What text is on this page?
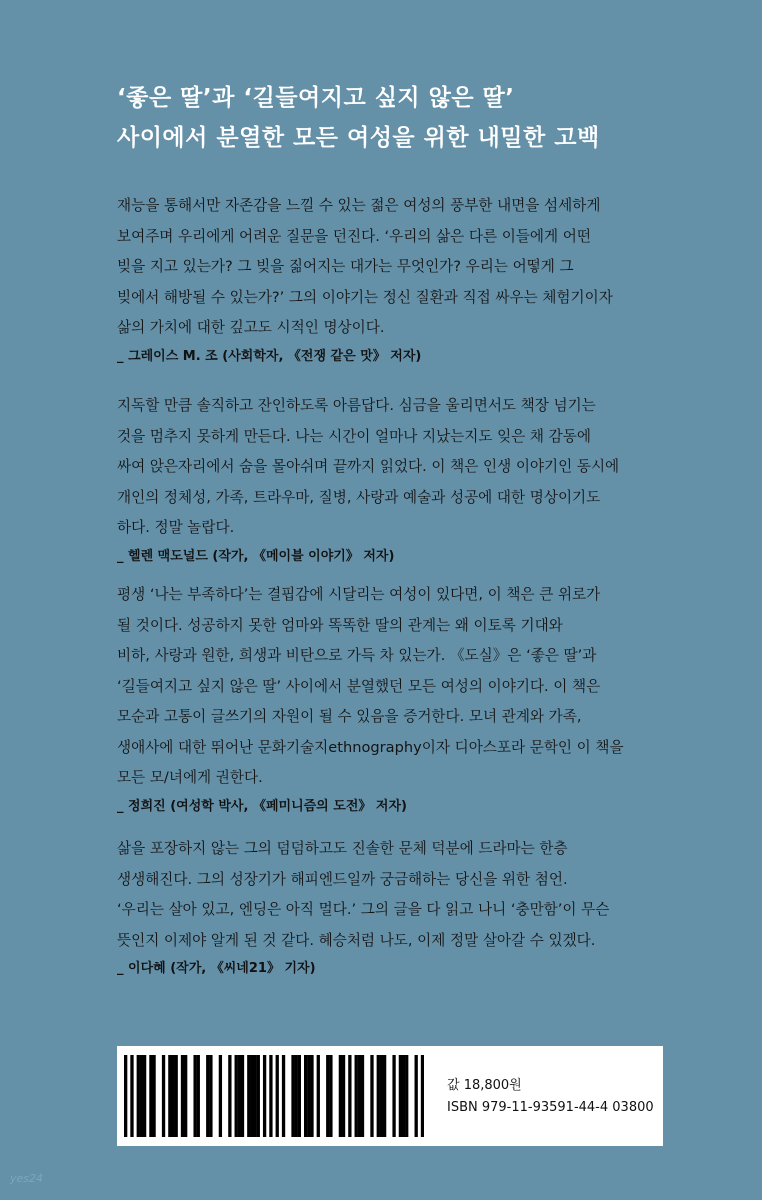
‘좋은 딸’과 ‘길들여지고 싶지 않은 딸’
사이에서 분열한 모든 여성을 위한 내밀한 고백
재능을 통해서만 자존감을 느낄 수 있는 젊은 여성의 풍부한 내면을 섬세하게
보여주며 우리에게 어려운 질문을 던진다. ‘우리의 삶은 다른 이들에게 어떤
빚을 지고 있는가? 그 빚을 짊어지는 대가는 무엇인가? 우리는 어떻게 그
빚에서 해방될 수 있는가?’ 그의 이야기는 정신 질환과 직접 싸우는 체험기이자
삶의 가치에 대한 깊고도 시적인 명상이다.
_ 그레이스 M. 조 (사회학자, 《전쟁 같은 맛》 저자)
지독할 만큼 솔직하고 잔인하도록 아름답다. 심금을 울리면서도 책장 넘기는
것을 멈추지 못하게 만든다. 나는 시간이 얼마나 지났는지도 잊은 채 감동에
싸여 앉은자리에서 숨을 몰아쉬며 끝까지 읽었다. 이 책은 인생 이야기인 동시에
개인의 정체성, 가족, 트라우마, 질병, 사랑과 예술과 성공에 대한 명상이기도
하다. 정말 놀랍다.
_ 헬렌 맥도널드 (작가, 《메이블 이야기》 저자)
평생 ‘나는 부족하다’는 결핍감에 시달리는 여성이 있다면, 이 책은 큰 위로가
될 것이다. 성공하지 못한 엄마와 똑똑한 딸의 관계는 왜 이토록 기대와
비하, 사랑과 원한, 희생과 비탄으로 가득 차 있는가. 《도실》은 ‘좋은 딸’과
‘길들여지고 싶지 않은 딸’ 사이에서 분열했던 모든 여성의 이야기다. 이 책은
모순과 고통이 글쓰기의 자원이 될 수 있음을 증거한다. 모녀 관계와 가족,
생애사에 대한 뛰어난 문화기술지ethnography이자 디아스포라 문학인 이 책을
모든 모/녀에게 권한다.
_ 정희진 (여성학 박사, 《페미니즘의 도전》 저자)
삶을 포장하지 않는 그의 덤덤하고도 진솔한 문체 덕분에 드라마는 한층
생생해진다. 그의 성장기가 해피엔드일까 궁금해하는 당신을 위한 첨언.
‘우리는 살아 있고, 엔딩은 아직 멀다.’ 그의 글을 다 읽고 나니 ‘충만함’이 무슨
뜻인지 이제야 알게 된 것 같다. 혜승처럼 나도, 이제 정말 살아갈 수 있겠다.
_ 이다혜 (작가, 《씨네21》 기자)
값 18,800원
ISBN 979-11-93591-44-4 03800
yes24
